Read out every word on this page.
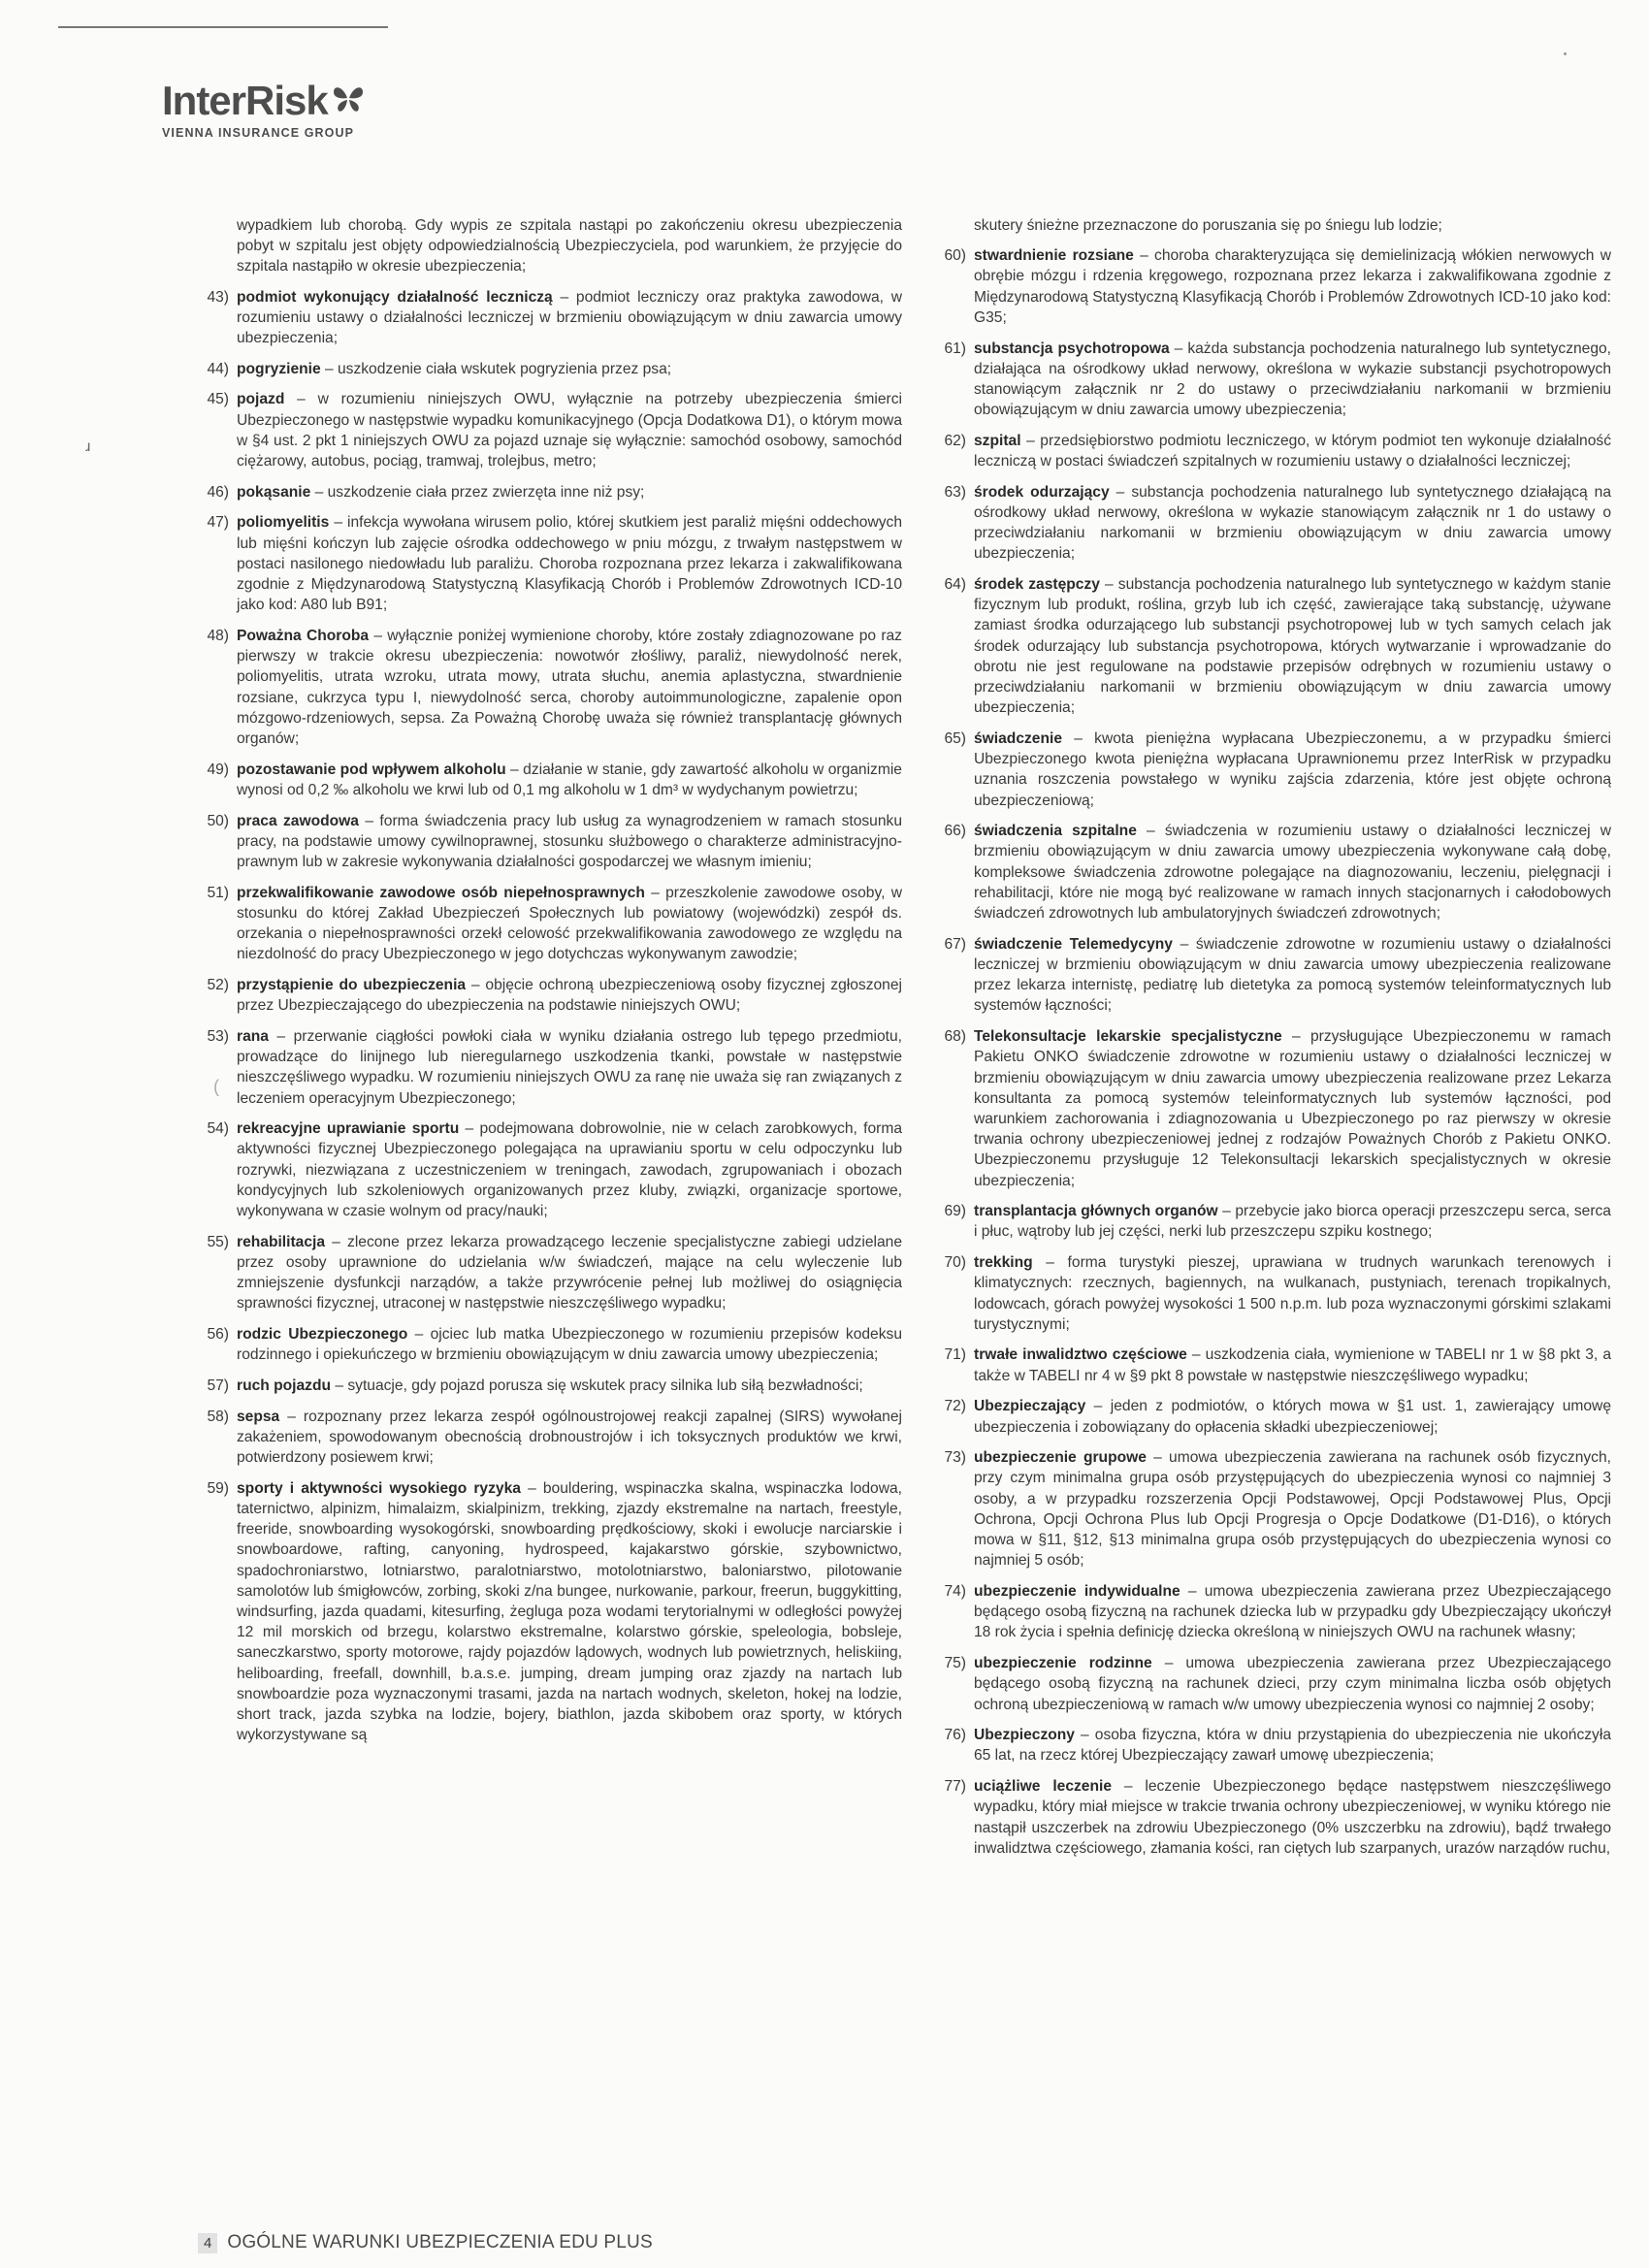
InterRisk
VIENNA INSURANCE GROUP
wypadkiem lub chorobą. Gdy wypis ze szpitala nastąpi po zakończeniu okresu ubezpieczenia pobyt w szpitalu jest objęty odpowiedzialnością Ubezpieczyciela, pod warunkiem, że przyjęcie do szpitala nastąpiło w okresie ubezpieczenia;
43) podmiot wykonujący działalność leczniczą – podmiot leczniczy oraz praktyka zawodowa, w rozumieniu ustawy o działalności leczniczej w brzmieniu obowiązującym w dniu zawarcia umowy ubezpieczenia;
44) pogryzienie – uszkodzenie ciała wskutek pogryzienia przez psa;
45) pojazd – w rozumieniu niniejszych OWU, wyłącznie na potrzeby ubezpieczenia śmierci Ubezpieczonego w następstwie wypadku komunikacyjnego (Opcja Dodatkowa D1), o którym mowa w §4 ust. 2 pkt 1 niniejszych OWU za pojazd uznaje się wyłącznie: samochód osobowy, samochód ciężarowy, autobus, pociąg, tramwaj, trolejbus, metro;
46) pokąsanie – uszkodzenie ciała przez zwierzęta inne niż psy;
47) poliomyelitis – infekcja wywołana wirusem polio, której skutkiem jest paraliż mięśni oddechowych lub mięśni kończyn lub zajęcie ośrodka oddechowego w pniu mózgu, z trwałym następstwem w postaci nasilonego niedowładu lub paraliżu. Choroba rozpoznana przez lekarza i zakwalifikowana zgodnie z Międzynarodową Statystyczną Klasyfikacją Chorób i Problemów Zdrowotnych ICD-10 jako kod: A80 lub B91;
48) Poważna Choroba – wyłącznie poniżej wymienione choroby, które zostały zdiagnozowane po raz pierwszy w trakcie okresu ubezpieczenia: nowotwór złośliwy, paraliż, niewydolność nerek, poliomyelitis, utrata wzroku, utrata mowy, utrata słuchu, anemia aplastyczna, stwardnienie rozsiane, cukrzyca typu I, niewydolność serca, choroby autoimmunologiczne, zapalenie opon mózgowo-rdzeniowych, sepsa. Za Poważną Chorobę uważa się również transplantację głównych organów;
49) pozostawanie pod wpływem alkoholu – działanie w stanie, gdy zawartość alkoholu w organizmie wynosi od 0,2 ‰ alkoholu we krwi lub od 0,1 mg alkoholu w 1 dm³ w wydychanym powietrzu;
50) praca zawodowa – forma świadczenia pracy lub usług za wynagrodzeniem w ramach stosunku pracy, na podstawie umowy cywilnoprawnej, stosunku służbowego o charakterze administracyjno-prawnym lub w zakresie wykonywania działalności gospodarczej we własnym imieniu;
51) przekwalifikowanie zawodowe osób niepełnosprawnych – przeszkolenie zawodowe osoby, w stosunku do której Zakład Ubezpieczeń Społecznych lub powiatowy (wojewódzki) zespół ds. orzekania o niepełnosprawności orzekł celowość przekwalifikowania zawodowego ze względu na niezdolność do pracy Ubezpieczonego w jego dotychczas wykonywanym zawodzie;
52) przystąpienie do ubezpieczenia – objęcie ochroną ubezpieczeniową osoby fizycznej zgłoszonej przez Ubezpieczającego do ubezpieczenia na podstawie niniejszych OWU;
53) rana – przerwanie ciągłości powłoki ciała w wyniku działania ostrego lub tępego przedmiotu, prowadzące do linijnego lub nieregularnego uszkodzenia tkanki, powstałe w następstwie nieszczęśliwego wypadku. W rozumieniu niniejszych OWU za ranę nie uważa się ran związanych z leczeniem operacyjnym Ubezpieczonego;
54) rekreacyjne uprawianie sportu – podejmowana dobrowolnie, nie w celach zarobkowych, forma aktywności fizycznej Ubezpieczonego polegająca na uprawianiu sportu w celu odpoczynku lub rozrywki, niezwiązana z uczestniczeniem w treningach, zawodach, zgrupowaniach i obozach kondycyjnych lub szkoleniowych organizowanych przez kluby, związki, organizacje sportowe, wykonywana w czasie wolnym od pracy/nauki;
55) rehabilitacja – zlecone przez lekarza prowadzącego leczenie specjalistyczne zabiegi udzielane przez osoby uprawnione do udzielania w/w świadczeń, mające na celu wyleczenie lub zmniejszenie dysfunkcji narządów, a także przywrócenie pełnej lub możliwej do osiągnięcia sprawności fizycznej, utraconej w następstwie nieszczęśliwego wypadku;
56) rodzic Ubezpieczonego – ojciec lub matka Ubezpieczonego w rozumieniu przepisów kodeksu rodzinnego i opiekuńczego w brzmieniu obowiązującym w dniu zawarcia umowy ubezpieczenia;
57) ruch pojazdu – sytuacje, gdy pojazd porusza się wskutek pracy silnika lub siłą bezwładności;
58) sepsa – rozpoznany przez lekarza zespół ogólnoustrojowej reakcji zapalnej (SIRS) wywołanej zakażeniem, spowodowanym obecnością drobnoustrojów i ich toksycznych produktów we krwi, potwierdzony posiewem krwi;
59) sporty i aktywności wysokiego ryzyka – bouldering, wspinaczka skalna, wspinaczka lodowa, taternictwo, alpinizm, himalaizm, skialpinizm, trekking, zjazdy ekstremalne na nartach, freestyle, freeride, snowboarding wysokogórski, snowboarding prędkościowy, skoki i ewolucje narciarskie i snowboardowe, rafting, canyoning, hydrospeed, kajakarstwo górskie, szybownictwo, spadochroniarstwo, lotniarstwo, paralotniarstwo, motolotniarstwo, baloniarstwo, pilotowanie samolotów lub śmigłowców, zorbing, skoki z/na bungee, nurkowanie, parkour, freerun, buggykitting, windsurfing, jazda quadami, kitesurfing, żegluga poza wodami terytorialnymi w odległości powyżej 12 mil morskich od brzegu, kolarstwo ekstremalne, kolarstwo górskie, speleologia, bobsleje, saneczkarstwo, sporty motorowe, rajdy pojazdów lądowych, wodnych lub powietrznych, heliskiing, heliboarding, freefall, downhill, b.a.s.e. jumping, dream jumping oraz zjazdy na nartach lub snowboardzie poza wyznaczonymi trasami, jazda na nartach wodnych, skeleton, hokej na lodzie, short track, jazda szybka na lodzie, bojery, biathlon, jazda skibobem oraz sporty, w których wykorzystywane są
skutery śnieżne przeznaczone do poruszania się po śniegu lub lodzie;
60) stwardnienie rozsiane – choroba charakteryzująca się demielinizacją włókien nerwowych w obrębie mózgu i rdzenia kręgowego, rozpoznana przez lekarza i zakwalifikowana zgodnie z Międzynarodową Statystyczną Klasyfikacją Chorób i Problemów Zdrowotnych ICD-10 jako kod: G35;
61) substancja psychotropowa – każda substancja pochodzenia naturalnego lub syntetycznego, działająca na ośrodkowy układ nerwowy, określona w wykazie substancji psychotropowych stanowiącym załącznik nr 2 do ustawy o przeciwdziałaniu narkomanii w brzmieniu obowiązującym w dniu zawarcia umowy ubezpieczenia;
62) szpital – przedsiębiorstwo podmiotu leczniczego, w którym podmiot ten wykonuje działalność leczniczą w postaci świadczeń szpitalnych w rozumieniu ustawy o działalności leczniczej;
63) środek odurzający – substancja pochodzenia naturalnego lub syntetycznego działającą na ośrodkowy układ nerwowy, określona w wykazie stanowiącym załącznik nr 1 do ustawy o przeciwdziałaniu narkomanii w brzmieniu obowiązującym w dniu zawarcia umowy ubezpieczenia;
64) środek zastępczy – substancja pochodzenia naturalnego lub syntetycznego w każdym stanie fizycznym lub produkt, roślina, grzyb lub ich część, zawierające taką substancję, używane zamiast środka odurzającego lub substancji psychotropowej lub w tych samych celach jak środek odurzający lub substancja psychotropowa, których wytwarzanie i wprowadzanie do obrotu nie jest regulowane na podstawie przepisów odrębnych w rozumieniu ustawy o przeciwdziałaniu narkomanii w brzmieniu obowiązującym w dniu zawarcia umowy ubezpieczenia;
65) świadczenie – kwota pieniężna wypłacana Ubezpieczonemu, a w przypadku śmierci Ubezpieczonego kwota pieniężna wypłacana Uprawnionemu przez InterRisk w przypadku uznania roszczenia powstałego w wyniku zajścia zdarzenia, które jest objęte ochroną ubezpieczeniową;
66) świadczenia szpitalne – świadczenia w rozumieniu ustawy o działalności leczniczej w brzmieniu obowiązującym w dniu zawarcia umowy ubezpieczenia wykonywane całą dobę, kompleksowe świadczenia zdrowotne polegające na diagnozowaniu, leczeniu, pielęgnacji i rehabilitacji, które nie mogą być realizowane w ramach innych stacjonarnych i całodobowych świadczeń zdrowotnych lub ambulatoryjnych świadczeń zdrowotnych;
67) świadczenie Telemedycyny – świadczenie zdrowotne w rozumieniu ustawy o działalności leczniczej w brzmieniu obowiązującym w dniu zawarcia umowy ubezpieczenia realizowane przez lekarza internistę, pediatrę lub dietetyka za pomocą systemów teleinformatycznych lub systemów łączności;
68) Telekonsultacje lekarskie specjalistyczne – przysługujące Ubezpieczonemu w ramach Pakietu ONKO świadczenie zdrowotne w rozumieniu ustawy o działalności leczniczej w brzmieniu obowiązującym w dniu zawarcia umowy ubezpieczenia realizowane przez Lekarza konsultanta za pomocą systemów teleinformatycznych lub systemów łączności, pod warunkiem zachorowania i zdiagnozowania u Ubezpieczonego po raz pierwszy w okresie trwania ochrony ubezpieczeniowej jednej z rodzajów Poważnych Chorób z Pakietu ONKO. Ubezpieczonemu przysługuje 12 Telekonsultacji lekarskich specjalistycznych w okresie ubezpieczenia;
69) transplantacja głównych organów – przebycie jako biorca operacji przeszczepu serca, serca i płuc, wątroby lub jej części, nerki lub przeszczepu szpiku kostnego;
70) trekking – forma turystyki pieszej, uprawiana w trudnych warunkach terenowych i klimatycznych: rzecznych, bagiennych, na wulkanach, pustyniach, terenach tropikalnych, lodowcach, górach powyżej wysokości 1 500 n.p.m. lub poza wyznaczonymi górskimi szlakami turystycznymi;
71) trwałe inwalidztwo częściowe – uszkodzenia ciała, wymienione w TABELI nr 1 w §8 pkt 3, a także w TABELI nr 4 w §9 pkt 8 powstałe w następstwie nieszczęśliwego wypadku;
72) Ubezpieczający – jeden z podmiotów, o których mowa w §1 ust. 1, zawierający umowę ubezpieczenia i zobowiązany do opłacenia składki ubezpieczeniowej;
73) ubezpieczenie grupowe – umowa ubezpieczenia zawierana na rachunek osób fizycznych, przy czym minimalna grupa osób przystępujących do ubezpieczenia wynosi co najmniej 3 osoby, a w przypadku rozszerzenia Opcji Podstawowej, Opcji Podstawowej Plus, Opcji Ochrona, Opcji Ochrona Plus lub Opcji Progresja o Opcje Dodatkowe (D1-D16), o których mowa w §11, §12, §13 minimalna grupa osób przystępujących do ubezpieczenia wynosi co najmniej 5 osób;
74) ubezpieczenie indywidualne – umowa ubezpieczenia zawierana przez Ubezpieczającego będącego osobą fizyczną na rachunek dziecka lub w przypadku gdy Ubezpieczający ukończył 18 rok życia i spełnia definicję dziecka określoną w niniejszych OWU na rachunek własny;
75) ubezpieczenie rodzinne – umowa ubezpieczenia zawierana przez Ubezpieczającego będącego osobą fizyczną na rachunek dzieci, przy czym minimalna liczba osób objętych ochroną ubezpieczeniową w ramach w/w umowy ubezpieczenia wynosi co najmniej 2 osoby;
76) Ubezpieczony – osoba fizyczna, która w dniu przystąpienia do ubezpieczenia nie ukończyła 65 lat, na rzecz której Ubezpieczający zawarł umowę ubezpieczenia;
77) uciążliwe leczenie – leczenie Ubezpieczonego będące następstwem nieszczęśliwego wypadku, który miał miejsce w trakcie trwania ochrony ubezpieczeniowej, w wyniku którego nie nastąpił uszczerbek na zdrowiu Ubezpieczonego (0% uszczerbku na zdrowiu), bądź trwałego inwalidztwa częściowego, złamania kości, ran ciętych lub szarpanych, urazów narządów ruchu,
ɹ
(
4 OGÓLNE WARUNKI UBEZPIECZENIA EDU PLUS
